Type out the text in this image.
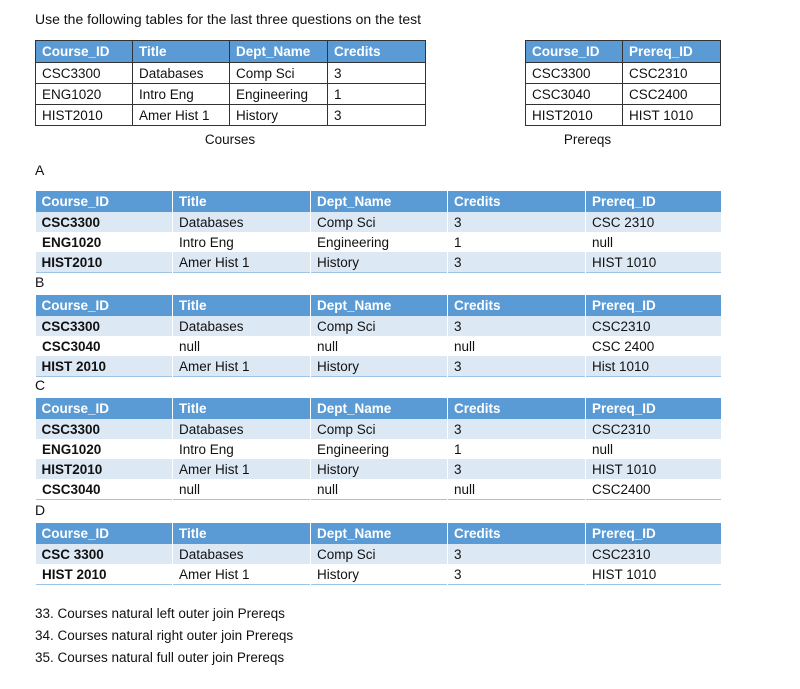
Use the following tables for the last three questions on the test
Course_ID	Title	Dept_Name	Credits
CSC3300	Databases	Comp Sci	3
ENG1020	Intro Eng	Engineering	1
HIST2010	Amer Hist 1	History	3
Courses
Course_ID	Prereq_ID
CSC3300	CSC2310
CSC3040	CSC2400
HIST2010	HIST 1010
Prereqs
A
Course_ID	Title	Dept_Name	Credits	Prereq_ID
CSC3300	Databases	Comp Sci	3	CSC 2310
ENG1020	Intro Eng	Engineering	1	null
HIST2010	Amer Hist 1	History	3	HIST 1010
B
Course_ID	Title	Dept_Name	Credits	Prereq_ID
CSC3300	Databases	Comp Sci	3	CSC2310
CSC3040	null	null	null	CSC 2400
HIST 2010	Amer Hist 1	History	3	Hist 1010
C
Course_ID	Title	Dept_Name	Credits	Prereq_ID
CSC3300	Databases	Comp Sci	3	CSC2310
ENG1020	Intro Eng	Engineering	1	null
HIST2010	Amer Hist 1	History	3	HIST 1010
CSC3040	null	null	null	CSC2400
D
Course_ID	Title	Dept_Name	Credits	Prereq_ID
CSC 3300	Databases	Comp Sci	3	CSC2310
HIST 2010	Amer Hist 1	History	3	HIST 1010
33. Courses natural left outer join Prereqs
34. Courses natural right outer join Prereqs
35. Courses natural full outer join Prereqs
